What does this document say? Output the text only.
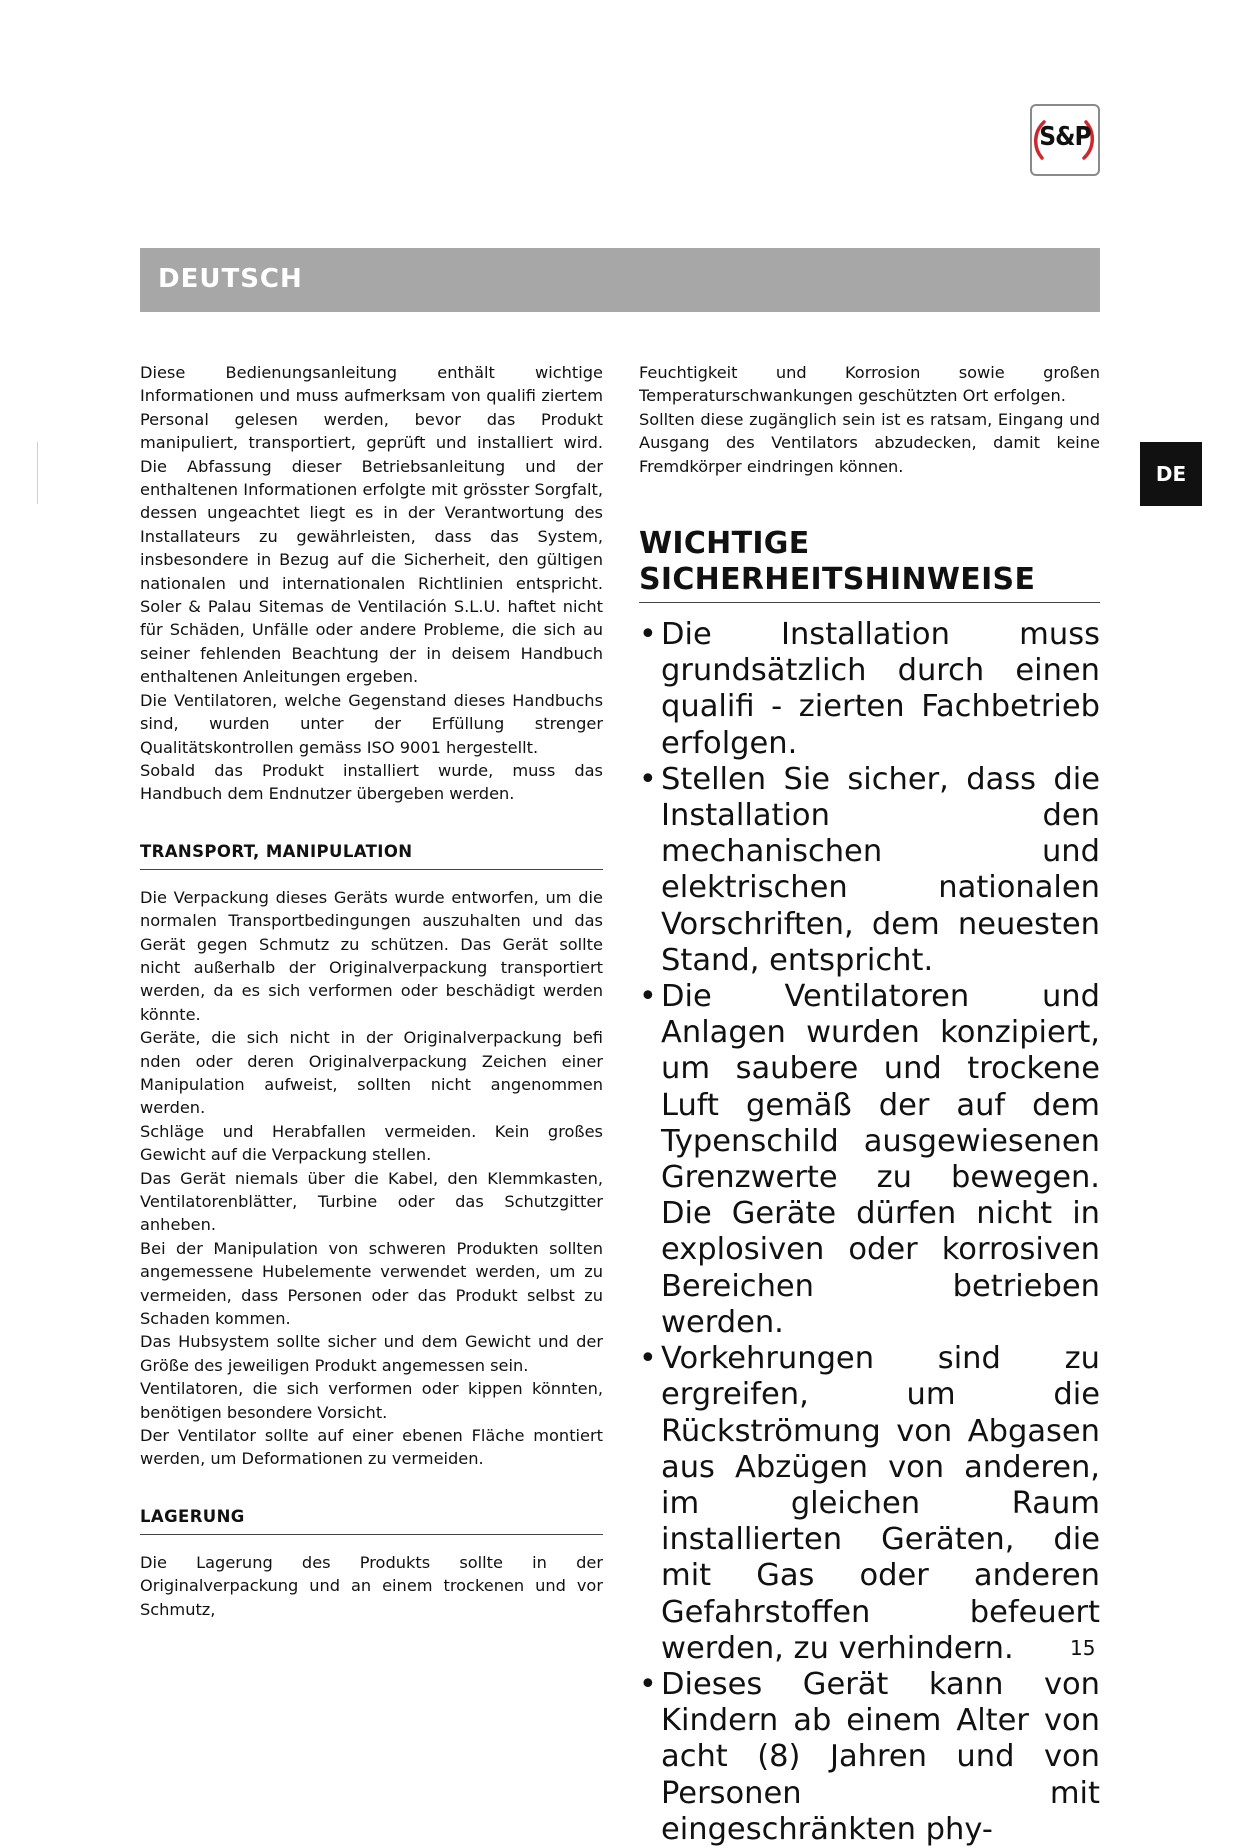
S&P
DEUTSCH
DE

Diese Bedienungsanleitung enthält wichtige Informationen und muss aufmerksam von qualifi ziertem Personal gelesen werden, bevor das Produkt manipuliert, transportiert, geprüft und installiert wird. Die Abfassung dieser Betriebsanleitung und der enthaltenen Informationen erfolgte mit grösster Sorgfalt, dessen ungeachtet liegt es in der Verantwortung des Installateurs zu gewährleisten, dass das System, insbesondere in Bezug auf die Sicherheit, den gültigen nationalen und internationalen Richtlinien entspricht. Soler & Palau Sitemas de Ventilación S.L.U. haftet nicht für Schäden, Unfälle oder andere Probleme, die sich au seiner fehlenden Beachtung der in deisem Handbuch enthaltenen Anleitungen ergeben.

Die Ventilatoren, welche Gegenstand dieses Handbuchs sind, wurden unter der Erfüllung strenger Qualitätskontrollen gemäss ISO 9001 hergestellt.

Sobald das Produkt installiert wurde, muss das Handbuch dem Endnutzer übergeben werden.

TRANSPORT, MANIPULATION

Die Verpackung dieses Geräts wurde entworfen, um die normalen Transportbedingungen auszuhalten und das Gerät gegen Schmutz zu schützen. Das Gerät sollte nicht außerhalb der Originalverpackung transportiert werden, da es sich verformen oder beschädigt werden könnte.

Geräte, die sich nicht in der Originalverpackung befi nden oder deren Originalverpackung Zeichen einer Manipulation aufweist, sollten nicht angenommen werden.

Schläge und Herabfallen vermeiden. Kein großes Gewicht auf die Verpackung stellen.

Das Gerät niemals über die Kabel, den Klemmkasten, Ventilatorenblätter, Turbine oder das Schutzgitter anheben.

Bei der Manipulation von schweren Produkten sollten angemessene Hubelemente verwendet werden, um zu vermeiden, dass Personen oder das Produkt selbst zu Schaden kommen.

Das Hubsystem sollte sicher und dem Gewicht und der Größe des jeweiligen Produkt angemessen sein.

Ventilatoren, die sich verformen oder kippen könnten, benötigen besondere Vorsicht.

Der Ventilator sollte auf einer ebenen Fläche montiert werden, um Deformationen zu vermeiden.

LAGERUNG

Die Lagerung des Produkts sollte in der Originalverpackung und an einem trockenen und vor Schmutz,

Feuchtigkeit und Korrosion sowie großen Temperaturschwankungen geschützten Ort erfolgen.

Sollten diese zugänglich sein ist es ratsam, Eingang und Ausgang des Ventilators abzudecken, damit keine Fremdkörper eindringen können.

WICHTIGE
SICHERHEITSHINWEISE
• Die Installation muss grundsätzlich durch einen qualifi - zierten Fachbetrieb erfolgen.
• Stellen Sie sicher, dass die Installation den mechanischen und elektrischen nationalen Vorschriften, dem neuesten Stand, entspricht.
• Die Ventilatoren und Anlagen wurden konzipiert, um saubere und trockene Luft gemäß der auf dem Typenschild ausgewiesenen Grenzwerte zu bewegen. Die Geräte dürfen nicht in explosiven oder korrosiven Bereichen betrieben werden.
• Vorkehrungen sind zu ergreifen, um die Rückströmung von Abgasen aus Abzügen von anderen, im gleichen Raum installierten Geräten, die mit Gas oder anderen Gefahrstoffen befeuert werden, zu verhindern.
• Dieses Gerät kann von Kindern ab einem Alter von acht (8) Jahren und von Personen mit eingeschränkten phy-
15
